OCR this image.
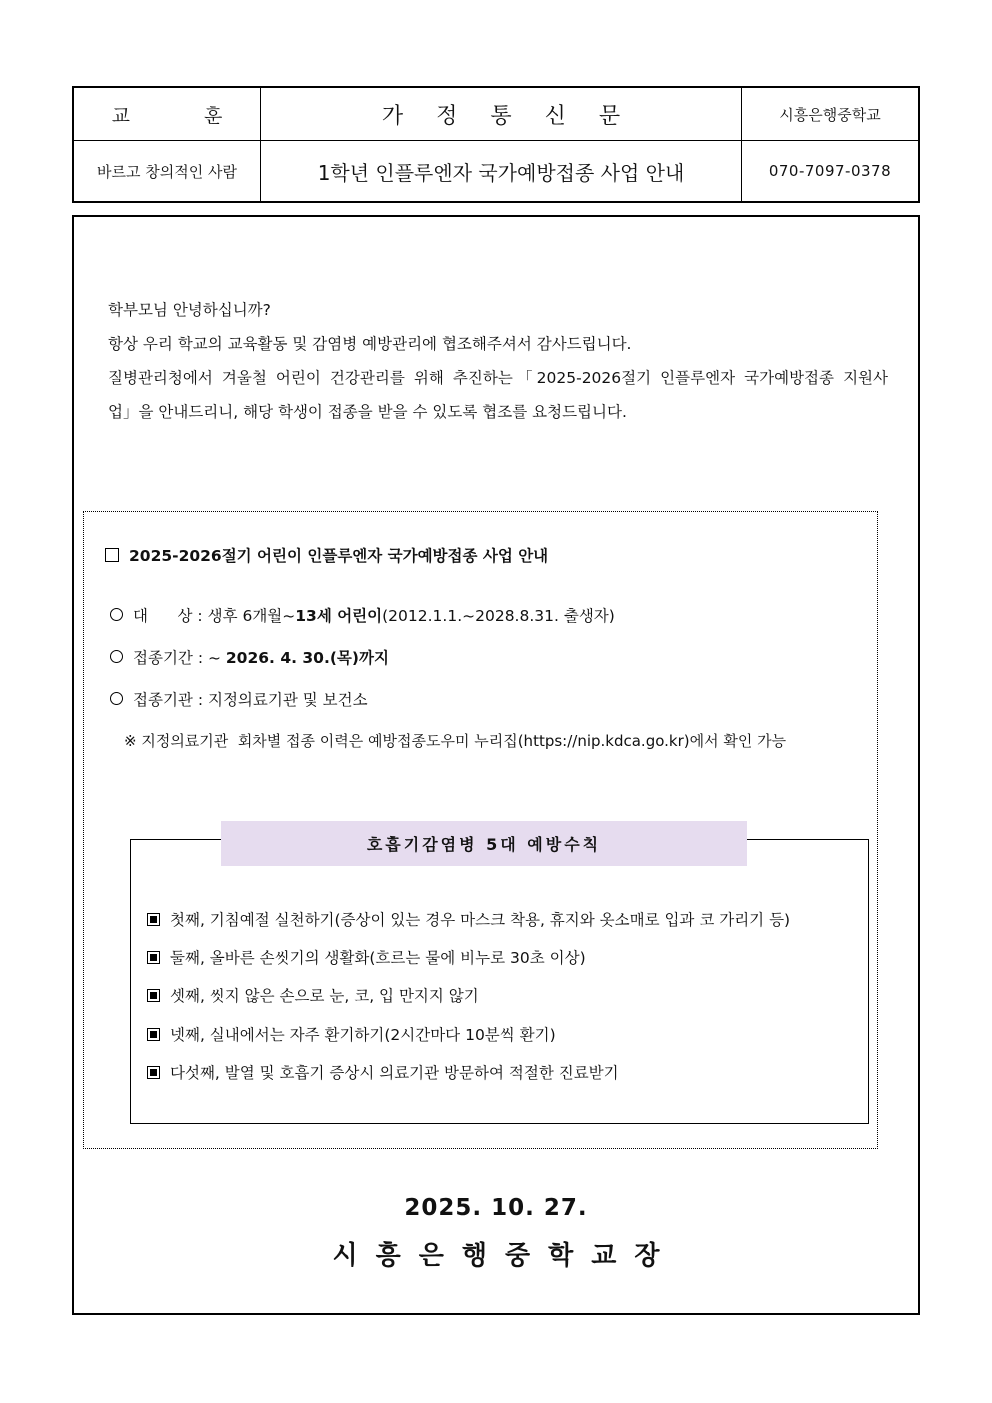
교 훈	가 정 통 신 문	시흥은행중학교
바르고 창의적인 사람	1학년 인플루엔자 국가예방접종 사업 안내	070-7097-0378

학부모님 안녕하십니까?

항상 우리 학교의 교육활동 및 감염병 예방관리에 협조해주셔서 감사드립니다.

질병관리청에서 겨울철 어린이 건강관리를 위해 추진하는「2025-2026절기 인플루엔자 국가예방접종 지원사

업」을 안내드리니, 해당 학생이 접종을 받을 수 있도록 협조를 요청드립니다.

2025-2026절기 어린이 인플루엔자 국가예방접종 사업 안내
대      상 : 생후 6개월~13세 어린이(2012.1.1.~2028.8.31. 출생자)
접종기간 : ~ 2026. 4. 30.(목)까지
접종기관 : 지정의료기관 및 보건소
※ 지정의료기관  회차별 접종 이력은 예방접종도우미 누리집(https://nip.kdca.go.kr)에서 확인 가능
첫째, 기침예절 실천하기(증상이 있는 경우 마스크 착용, 휴지와 옷소매로 입과 코 가리기 등)
둘째, 올바른 손씻기의 생활화(흐르는 물에 비누로 30초 이상)
셋째, 씻지 않은 손으로 눈, 코, 입 만지지 않기
넷째, 실내에서는 자주 환기하기(2시간마다 10분씩 환기)
다섯째, 발열 및 호흡기 증상시 의료기관 방문하여 적절한 진료받기
호흡기감염병 5대 예방수칙
2025. 10. 27.
시흥은행중학교장
